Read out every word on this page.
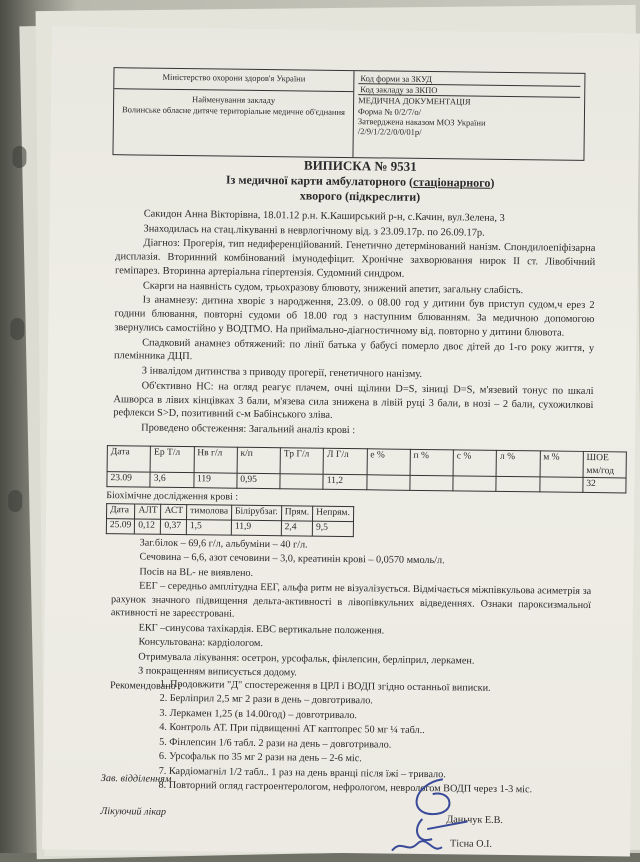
Міністерство охорони здоров'я України
Найменування закладу
Волинське обласне дитяче територіальне медичне об'єднання
Код форми за ЗКУД
Код закладу за ЗКПО
МЕДИЧНА ДОКУМЕНТАЦІЯ
Форма № 0/2/7/о/
Затверджена наказом МОЗ України
/2/9/1/2/2/0/0/01р/
ВИПИСКА № 9531
Із медичної карти амбулаторного (стаціонарного)
хворого (підкреслити)

Сакидон Анна Вікторівна, 18.01.12 р.н. К.Каширський р-н, с.Качин, вул.Зелена, 3

Знаходилась на стац.лікуванні в неврлогічному від. з 23.09.17р. по 26.09.17р.

Діагноз: Прогерія, тип недиференційований. Генетично детермінований нанізм. Спондилоепіфізарна дисплазія. Вторинний комбінований імунодефіцит. Хронічне захворювання нирок ІІ ст. Лівобічний геміпарез. Вторинна артеріальна гіпертензія. Судомний синдром.

Скарги на наявність судом, трьохразову блювоту, знижений апетит, загальну слабість.

Із анамнезу: дитина хворіє з народження, 23.09. о 08.00 год у дитини був приступ судом,ч ерез 2 години блювання, повторні судоми об 18.00 год з наступним блюванням. За медичною допомогою звернулись самостійно у ВОДТМО. На приймально-діагностичному від. повторно у дитини блювота.

Спадковий анамнез обтяжений: по лінії батька у бабусі померло двоє дітей до 1-го року життя, у племінника ДЦП.

З інвалідом дитинства з приводу прогерії, генетичного нанізму.

Об'єктивно НС: на огляд реагує плачем, очні щілини D=S, зіниці D=S, м'язевий тонус по шкалі Ашворса в лівих кінцівках 3 бали, м'язева сила знижена в лівій руці 3 бали, в нозі – 2 бали, сухожилкові рефлекси S>D, позитивний с-м Бабінського зліва.

Проведено обстеження: Загальний аналіз крові :

Дата	Ер Т/л	Нв г/л	к/п	Тр Г/л	Л Г/л	е %	п %	с %	л %	м %	ШОЕ мм/год
23.09	3,6	119	0,95		11,2						32
Біохімічне дослідження крові :
Дата	АЛТ	АСТ	тимолова	Білірубзаг.	Прям.	Непрям.
25.09	0,12	0,37	1,5	11,9	2,4	9,5

Заг.білок – 69,6 г/л, альбуміни – 40 г/л.

Сечовина – 6,6, азот сечовини – 3,0, креатинін крові – 0,0570 ммоль/л.

Посів на BL- не виявлено.

ЕЕГ – середньо амплітудна ЕЕГ, альфа ритм не візуалізується. Відмічається міжпівкульова асиметрія за рахунок значного підвищення дельта-активності в лівопівкульних відведеннях. Ознаки пароксизмальної активності не зареєстровані.

ЕКГ –синусова тахікардія. ЕВС вертикальне положення.

Консультована: кардіологом.

Отримувала лікування: осетрон, урсофальк, фінлепсин, берліприл, леркамен.

З покращенням виписується додому.

Рекомендовано :

1. Продовжити "Д" спостереження в ЦРЛ і ВОДП згідно останньої виписки.
2. Берліприл 2,5 мг 2 рази в день – довготривало.
3. Леркамен 1,25 (в 14.00год) – довготривало.
4. Контроль АТ. При підвищенні АТ каптопрес 50 мг ¼ табл..
5. Фінлепсин 1/6 табл. 2 рази на день – довготривало.
6. Урсофальк по 35 мг 2 рази на день – 2-6 міс.
7. Кардіомагніл 1/2 табл.. 1 раз на день вранці після їжі – тривало.
8. Повторний огляд гастроентерологом, нефрологом, неврологом ВОДП через 1-3 міс.
Зав. відділенням
Лікуючий лікар
Даньчук Е.В.
Тісна О.І.
